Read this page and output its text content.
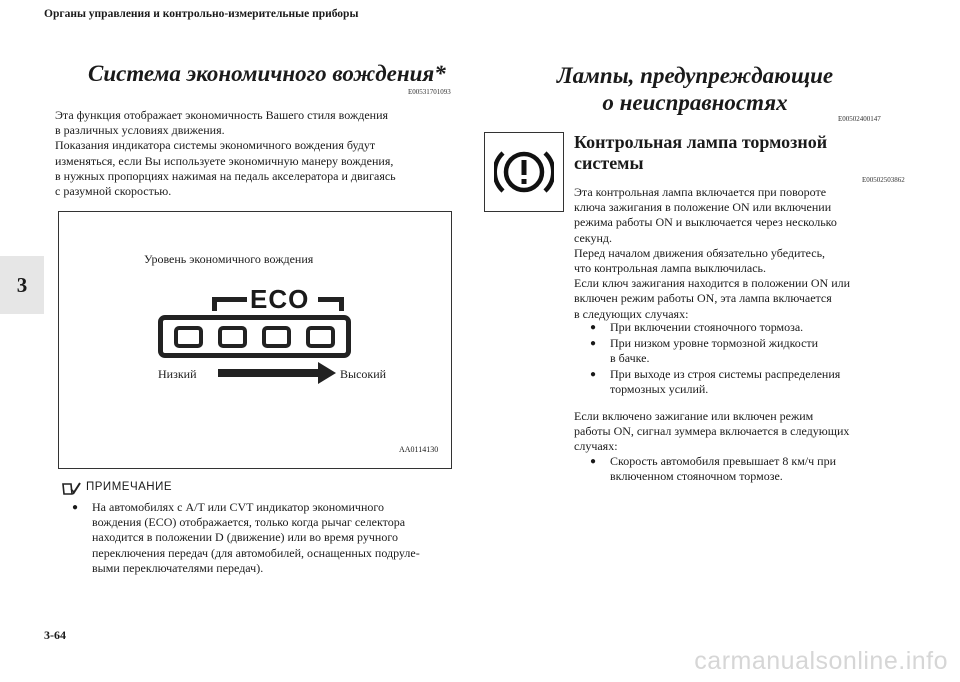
Органы управления и контрольно-измерительные приборы
3
3-64
carmanualsonline.info
Система экономичного вождения*
E00531701093
Эта функция отображает экономичность Вашего стиля вождения
в различных условиях движения.
Показания индикатора системы экономичного вождения будут
изменяться, если Вы используете экономичную манеру вождения,
в нужных пропорциях нажимая на педаль акселератора и двигаясь
с разумной скоростью.
Уровень экономичного вождения
ECO
Низкий	Высокий
AA0114130
ПРИМЕЧАНИЕ
●	На автомобилях с A/T или CVT индикатор экономичного
вождения (ECO) отображается, только когда рычаг селектора
находится в положении D (движение) или во время ручного
переключения передач (для автомобилей, оснащенных подруле-
выми переключателями передач).
Лампы, предупреждающие
о неисправностях
E00502400147
Контрольная лампа тормозной
системы
E00502503862
Эта контрольная лампа включается при повороте
ключа зажигания в положение ON или включении
режима работы ON и выключается через несколько
секунд.
Перед началом движения обязательно убедитесь,
что контрольная лампа выключилась.
Если ключ зажигания находится в положении ON или
включен режим работы ON, эта лампа включается
в следующих случаях:
●	При включении стояночного тормоза.
●	При низком уровне тормозной жидкости
в бачке.
●	При выходе из строя системы распределения
тормозных усилий.
Если включено зажигание или включен режим
работы ON, сигнал зуммера включается в следующих
случаях:
●	Скорость автомобиля превышает 8 км/ч при
включенном стояночном тормозе.
